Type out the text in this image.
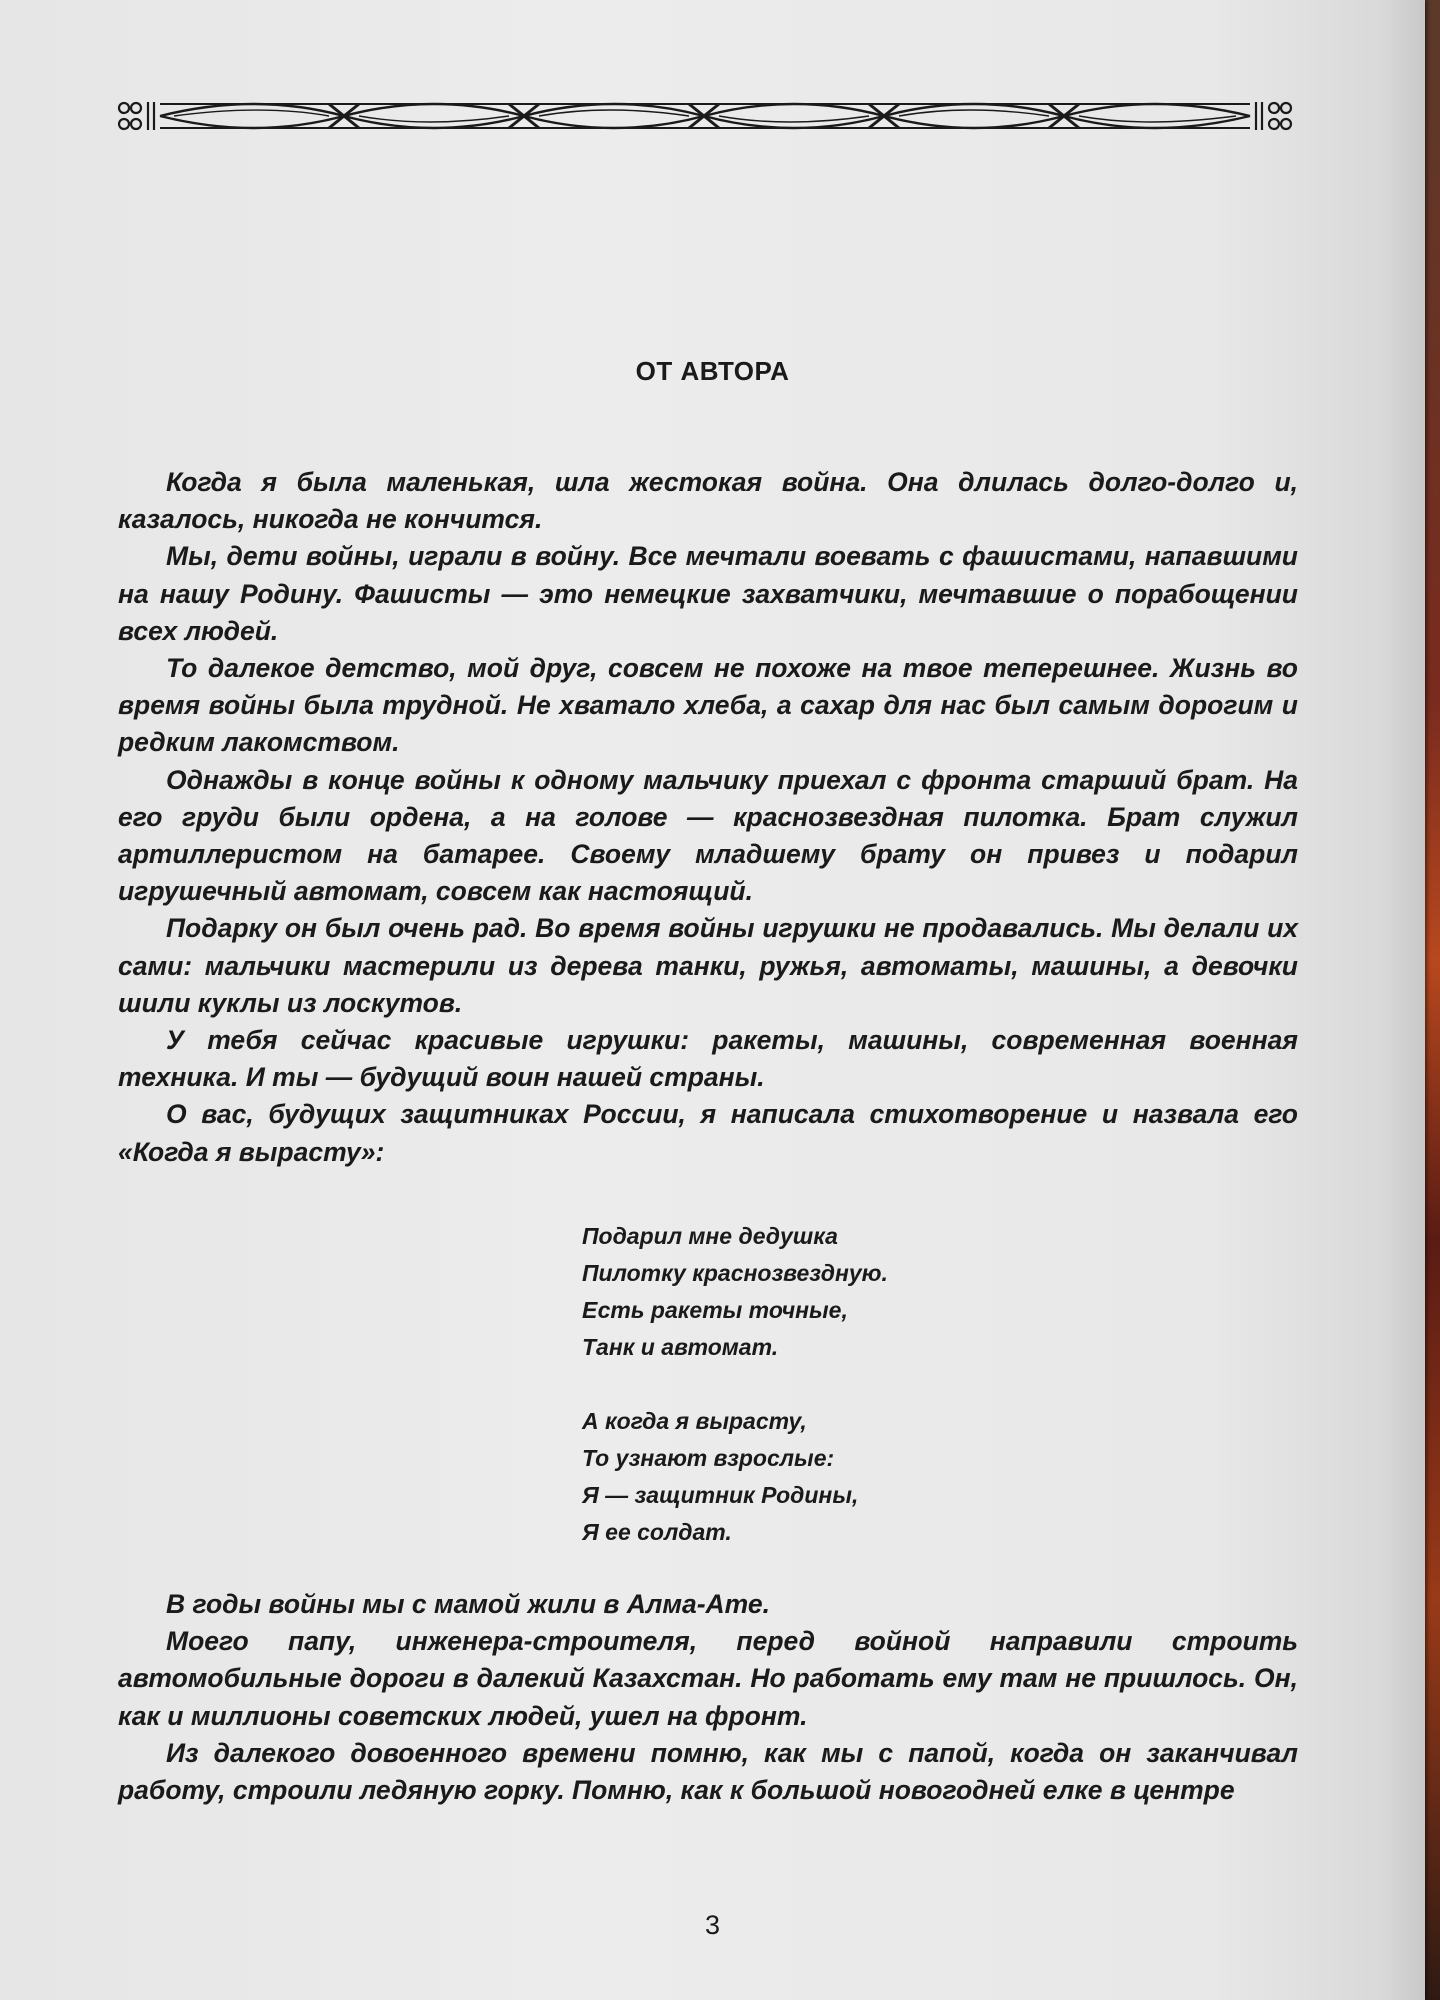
ОТ АВТОРА

Когда я была маленькая, шла жестокая война. Она длилась долго-долго и, казалось, никогда не кончится.

Мы, дети войны, играли в войну. Все мечтали воевать с фашистами, напавшими на нашу Родину. Фашисты — это немецкие захватчики, мечтавшие о порабощении всех людей.

То далекое детство, мой друг, совсем не похоже на твое теперешнее. Жизнь во время войны была трудной. Не хватало хлеба, а сахар для нас был самым дорогим и редким лакомством.

Однажды в конце войны к одному мальчику приехал с фронта старший брат. На его груди были ордена, а на голове — краснозвездная пилотка. Брат служил артиллеристом на батарее. Своему младшему брату он привез и подарил игрушечный автомат, совсем как настоящий.

Подарку он был очень рад. Во время войны игрушки не продавались. Мы делали их сами: мальчики мастерили из дерева танки, ружья, автоматы, машины, а девочки шили куклы из лоскутов.

У тебя сейчас красивые игрушки: ракеты, машины, современная военная техника. И ты — будущий воин нашей страны.

О вас, будущих защитниках России, я написала стихотворение и назвала его «Когда я вырасту»:

Подарил мне дедушка
Пилотку краснозвездную.
Есть ракеты точные,
Танк и автомат.
А когда я вырасту,
То узнают взрослые:
Я — защитник Родины,
Я ее солдат.

В годы войны мы с мамой жили в Алма-Ате.

Моего папу, инженера-строителя, перед войной направили строить автомобильные дороги в далекий Казахстан. Но работать ему там не пришлось. Он, как и миллионы советских людей, ушел на фронт.

Из далекого довоенного времени помню, как мы с папой, когда он заканчивал работу, строили ледяную горку. Помню, как к большой новогодней елке в центре

3
